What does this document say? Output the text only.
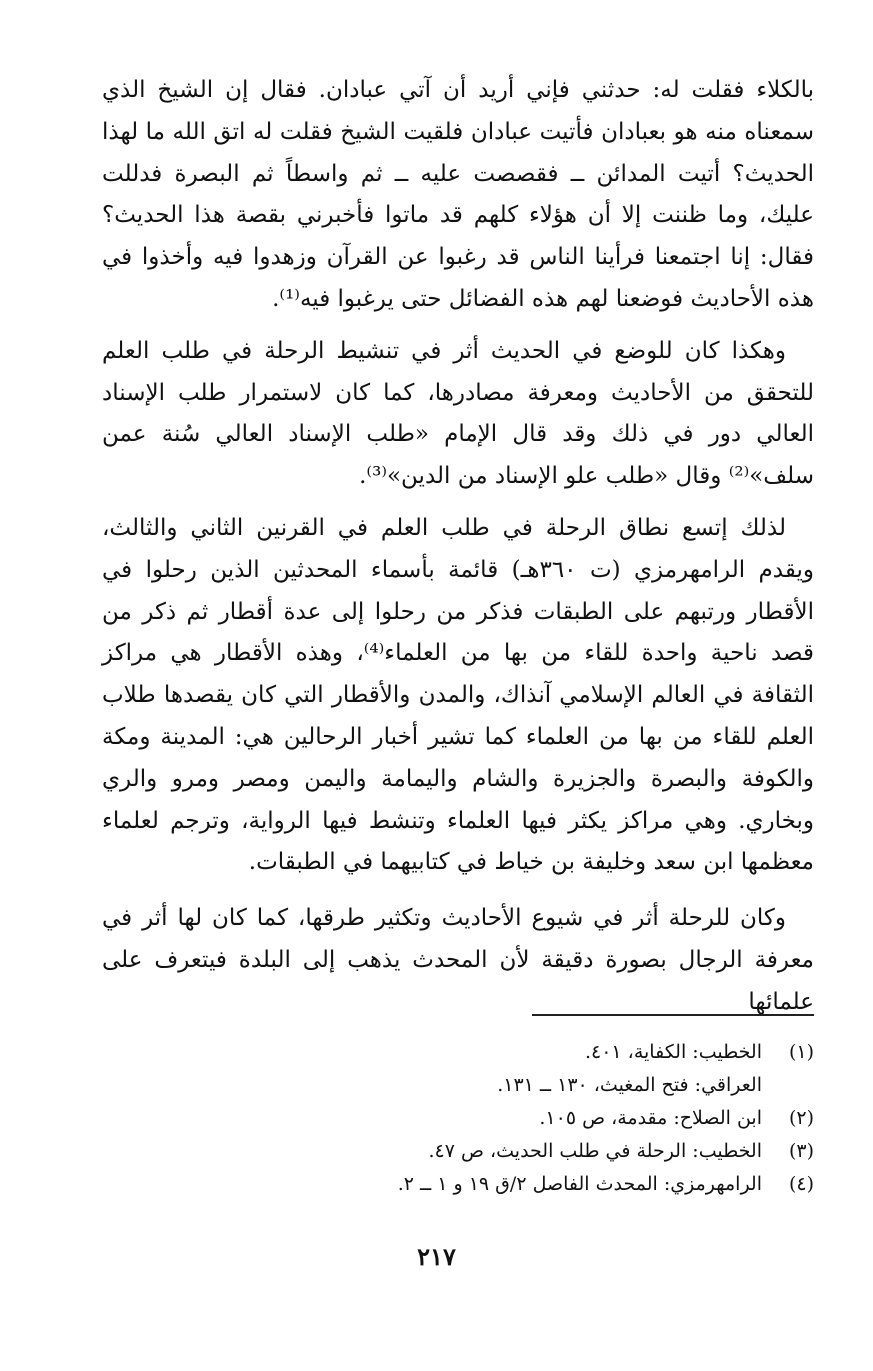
بالكلاء فقلت له: حدثني فإني أريد أن آتي عبادان. فقال إن الشيخ الذي سمعناه منه هو بعبادان فأتيت عبادان فلقيت الشيخ فقلت له اتق الله ما لهذا الحديث؟ أتيت المدائن ــ فقصصت عليه ــ ثم واسطاً ثم البصرة فدللت عليك، وما ظننت إلا أن هؤلاء كلهم قد ماتوا فأخبرني بقصة هذا الحديث؟ فقال: إنا اجتمعنا فرأينا الناس قد رغبوا عن القرآن وزهدوا فيه وأخذوا في هذه الأحاديث فوضعنا لهم هذه الفضائل حتى يرغبوا فيه⁽¹⁾.

وهكذا كان للوضع في الحديث أثر في تنشيط الرحلة في طلب العلم للتحقق من الأحاديث ومعرفة مصادرها، كما كان لاستمرار طلب الإسناد العالي دور في ذلك وقد قال الإمام «طلب الإسناد العالي سُنة عمن سلف»⁽²⁾ وقال «طلب علو الإسناد من الدين»⁽³⁾.

لذلك إتسع نطاق الرحلة في طلب العلم في القرنين الثاني والثالث، ويقدم الرامهرمزي (ت ٣٦٠هـ) قائمة بأسماء المحدثين الذين رحلوا في الأقطار ورتبهم على الطبقات فذكر من رحلوا إلى عدة أقطار ثم ذكر من قصد ناحية واحدة للقاء من بها من العلماء⁽⁴⁾، وهذه الأقطار هي مراكز الثقافة في العالم الإسلامي آنذاك، والمدن والأقطار التي كان يقصدها طلاب العلم للقاء من بها من العلماء كما تشير أخبار الرحالين هي: المدينة ومكة والكوفة والبصرة والجزيرة والشام واليمامة واليمن ومصر ومرو والري وبخاري. وهي مراكز يكثر فيها العلماء وتنشط فيها الرواية، وترجم لعلماء معظمها ابن سعد وخليفة بن خياط في كتابيهما في الطبقات.

وكان للرحلة أثر في شيوع الأحاديث وتكثير طرقها، كما كان لها أثر في معرفة الرجال بصورة دقيقة لأن المحدث يذهب إلى البلدة فيتعرف على علمائها

(١)
الخطيب: الكفاية، ٤٠١.
العراقي: فتح المغيث، ١٣٠ ــ ١٣١.
(٢)
ابن الصلاح: مقدمة، ص ١٠٥.
(٣)
الخطيب: الرحلة في طلب الحديث، ص ٤٧.
(٤)
الرامهرمزي: المحدث الفاصل ٢/ق ١٩ و ١ ــ ٢.
٢١٧
